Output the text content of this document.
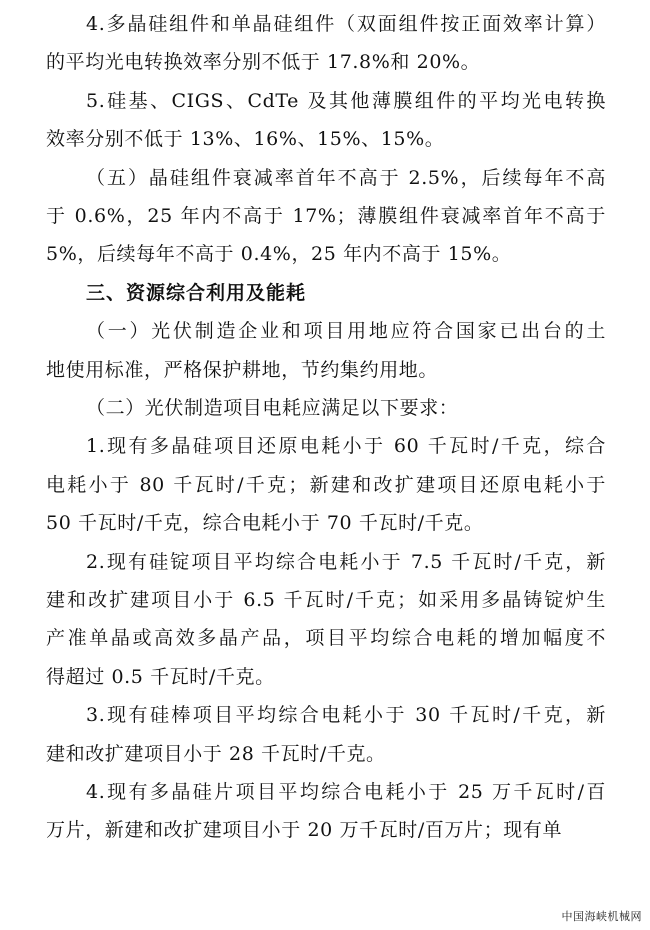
4.多晶硅组件和单晶硅组件（双面组件按正面效率计算）
的平均光电转换效率分别不低于 17.8%和 20%。
5.硅基、CIGS、CdTe 及其他薄膜组件的平均光电转换
效率分别不低于 13%、16%、15%、15%。
（五）晶硅组件衰减率首年不高于 2.5%，后续每年不高
于 0.6%，25 年内不高于 17%；薄膜组件衰减率首年不高于
5%，后续每年不高于 0.4%，25 年内不高于 15%。
三、资源综合利用及能耗
（一）光伏制造企业和项目用地应符合国家已出台的土
地使用标准，严格保护耕地，节约集约用地。
（二）光伏制造项目电耗应满足以下要求：
1.现有多晶硅项目还原电耗小于 60 千瓦时/千克，综合
电耗小于 80 千瓦时/千克；新建和改扩建项目还原电耗小于
50 千瓦时/千克，综合电耗小于 70 千瓦时/千克。
2.现有硅锭项目平均综合电耗小于 7.5 千瓦时/千克，新
建和改扩建项目小于 6.5 千瓦时/千克；如采用多晶铸锭炉生
产准单晶或高效多晶产品，项目平均综合电耗的增加幅度不
得超过 0.5 千瓦时/千克。
3.现有硅棒项目平均综合电耗小于 30 千瓦时/千克，新
建和改扩建项目小于 28 千瓦时/千克。
4.现有多晶硅片项目平均综合电耗小于 25 万千瓦时/百
万片，新建和改扩建项目小于 20 万千瓦时/百万片；现有单
中国海峡机械网
